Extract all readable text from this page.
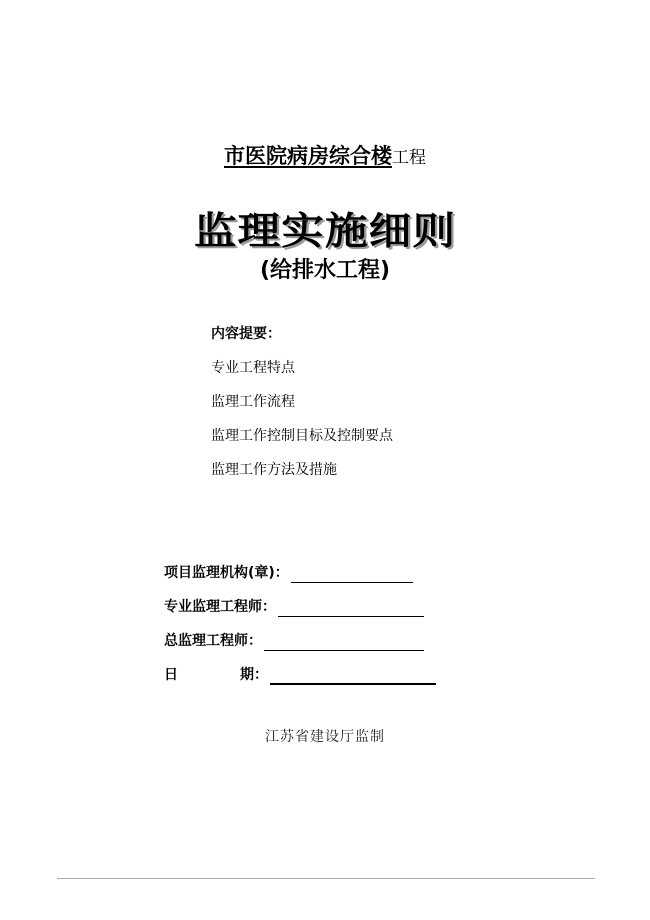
市医院病房综合楼工程
监理实施细则
(给排水工程)
内容提要：
专业工程特点
监理工作流程
监理工作控制目标及控制要点
监理工作方法及措施
项目监理机构(章)：
专业监理工程师：
总监理工程师：
日	期：
江苏省建设厅监制
